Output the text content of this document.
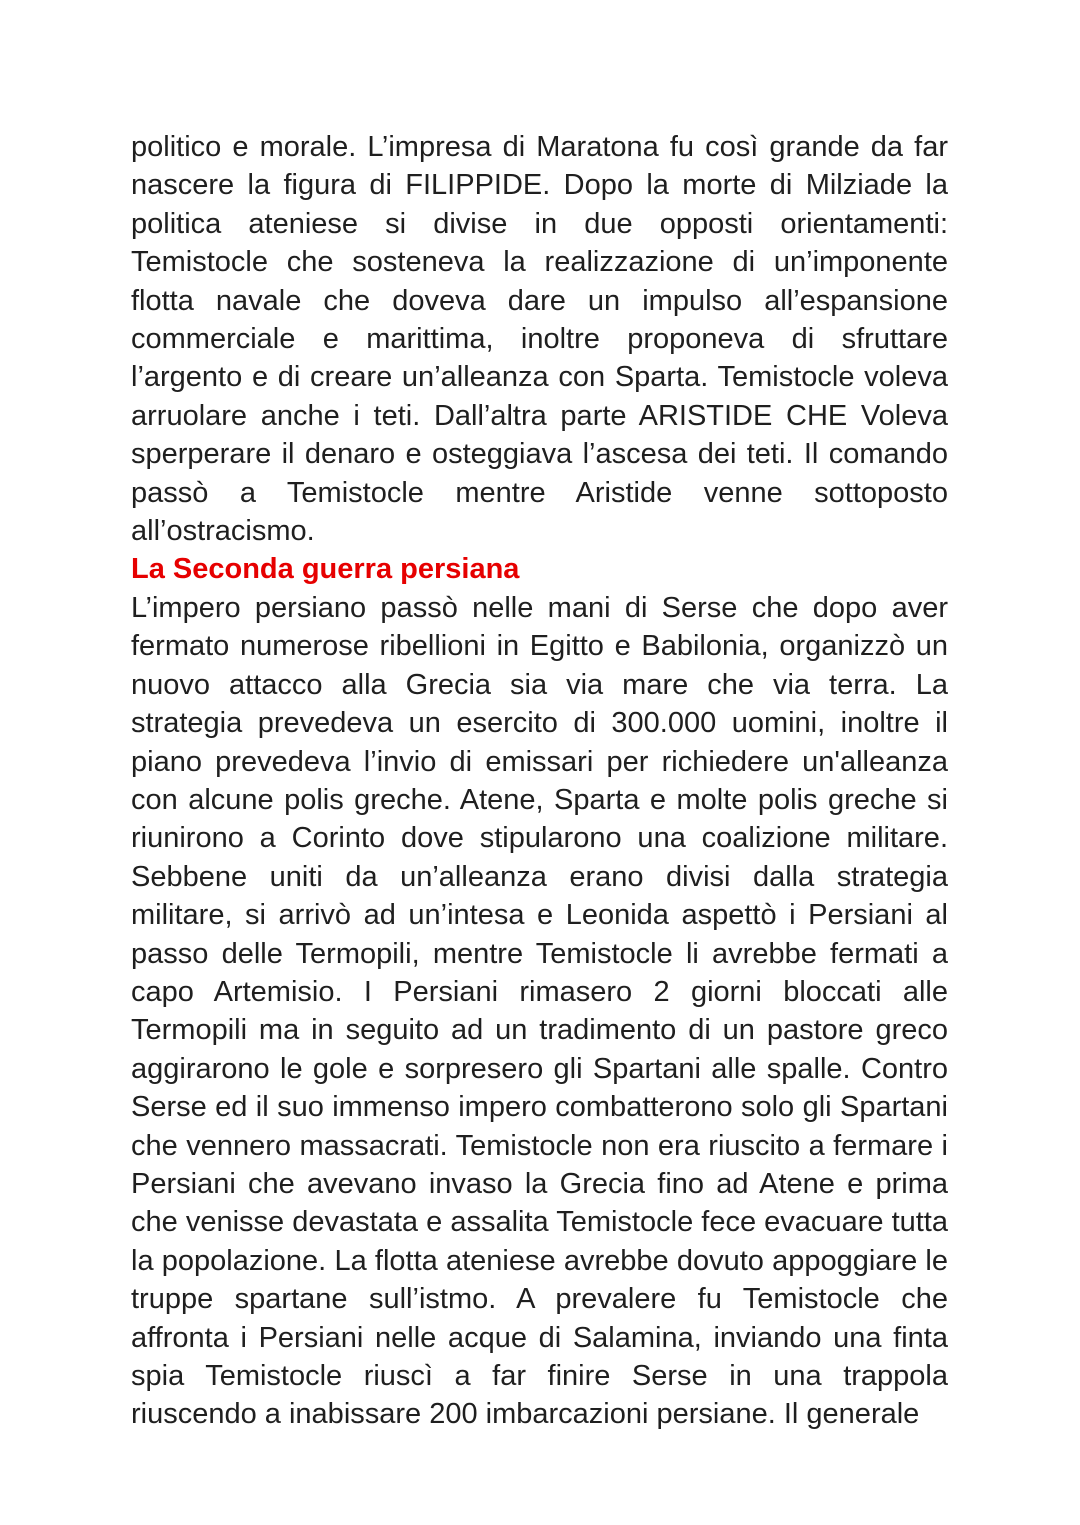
politico e morale. L’impresa di Maratona fu così grande da far nascere la figura di FILIPPIDE. Dopo la morte di Milziade la politica ateniese si divise in due opposti orientamenti: Temistocle che sosteneva la realizzazione di un’imponente flotta navale che doveva dare un impulso all’espansione commerciale e marittima, inoltre proponeva di sfruttare l’argento e di creare un’alleanza con Sparta. Temistocle voleva arruolare anche i teti. Dall’altra parte ARISTIDE CHE Voleva sperperare il denaro e osteggiava l’ascesa dei teti. Il comando passò a Temistocle mentre Aristide venne sottoposto all’ostracismo.

La Seconda guerra persiana

L’impero persiano passò nelle mani di Serse che dopo aver fermato numerose ribellioni in Egitto e Babilonia, organizzò un nuovo attacco alla Grecia sia via mare che via terra. La strategia prevedeva un esercito di 300.000 uomini, inoltre il piano prevedeva l’invio di emissari per richiedere un'alleanza con alcune polis greche. Atene, Sparta e molte polis greche si riunirono a Corinto dove stipularono una coalizione militare. Sebbene uniti da un’alleanza erano divisi dalla strategia militare, si arrivò ad un’intesa e Leonida aspettò i Persiani al passo delle Termopili, mentre Temistocle li avrebbe fermati a capo Artemisio. I Persiani rimasero 2 giorni bloccati alle Termopili ma in seguito ad un tradimento di un pastore greco aggirarono le gole e sorpresero gli Spartani alle spalle. Contro Serse ed il suo immenso impero combatterono solo gli Spartani che vennero massacrati. Temistocle non era riuscito a fermare i Persiani che avevano invaso la Grecia fino ad Atene e prima che venisse devastata e assalita Temistocle fece evacuare tutta la popolazione. La flotta ateniese avrebbe dovuto appoggiare le truppe spartane sull’istmo. A prevalere fu Temistocle che affronta i Persiani nelle acque di Salamina, inviando una finta spia Temistocle riuscì a far finire Serse in una trappola riuscendo a inabissare 200 imbarcazioni persiane. Il generale
